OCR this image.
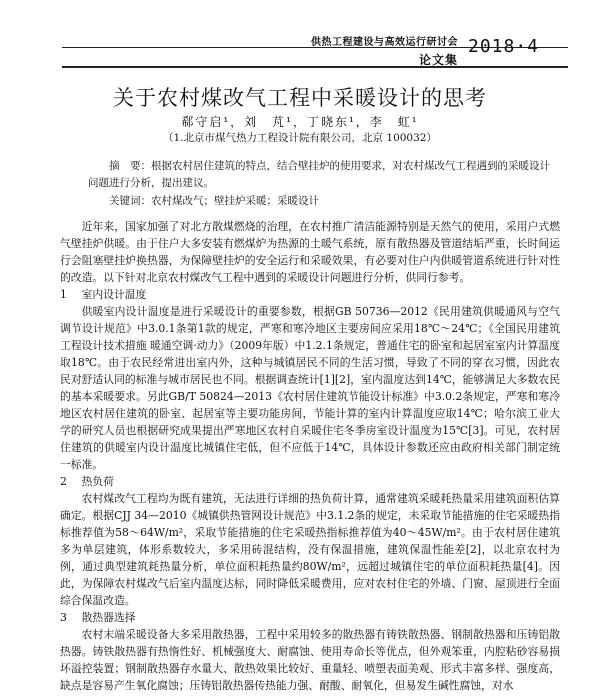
供热工程建设与高效运行研讨会
论文集
2018·4
关于农村煤改气工程中采暖设计的思考
郗守启¹，刘　芃¹，丁晓东¹，李　虹¹
（1.北京市煤气热力工程设计院有限公司，北京 100032）
摘　要：根据农村居住建筑的特点，结合壁挂炉的使用要求，对农村煤改气工程遇到的采暖设计问题进行分析，提出建议。
关键词：农村煤改气；壁挂炉采暖；采暖设计

近年来，国家加强了对北方散煤燃烧的治理，在农村推广清洁能源特别是天然气的使用，采用户式燃气壁挂炉供暖。由于住户大多安装有燃煤炉为热源的土暖气系统，原有散热器及管道结垢严重，长时间运行会阻塞壁挂炉换热器，为保障壁挂炉的安全运行和采暖效果，有必要对住户内供暖管道系统进行针对性的改造。以下针对北京农村煤改气工程中遇到的采暖设计问题进行分析，供同行参考。

1 室内设计温度

供暖室内设计温度是进行采暖设计的重要参数，根据GB 50736—2012《民用建筑供暖通风与空气调节设计规范》中3.0.1条第1款的规定，严寒和寒冷地区主要房间应采用18℃～24℃；《全国民用建筑工程设计技术措施 暖通空调·动力》（2009年版）中1.2.1条规定，普通住宅的卧室和起居室室内计算温度取18℃。由于农民经常进出室内外，这种与城镇居民不同的生活习惯，导致了不同的穿衣习惯，因此农民对舒适认同的标准与城市居民也不同。根据调查统计[1][2]，室内温度达到14℃，能够满足大多数农民的基本采暖要求。另此GB/T 50824—2013《农村居住建筑节能设计标准》中3.0.2条规定，严寒和寒冷地区农村居住建筑的卧室、起居室等主要功能房间，节能计算的室内计算温度应取14℃；哈尔滨工业大学的研究人员也根据研究成果提出严寒地区农村自采暖住宅冬季房室设计温度为15℃[3]。可见，农村居住建筑的供暖室内设计温度比城镇住宅低，但不应低于14℃，具体设计参数还应由政府相关部门制定统一标准。

2 热负荷

农村煤改气工程均为既有建筑，无法进行详细的热负荷计算，通常建筑采暖耗热量采用建筑面积估算确定。根据CJJ 34—2010《城镇供热管网设计规范》中3.1.2条的规定，未采取节能措施的住宅采暖热指标推荐值为58～64W/m²，采取节能措施的住宅采暖热指标推荐值为40～45W/m²。由于农村居住建筑多为单层建筑，体形系数较大，多采用砖混结构，没有保温措施，建筑保温性能差[2]，以北京农村为例，通过典型建筑耗热量分析，单位面积耗热量约80W/m²，远超过城镇住宅的单位面积耗热量[4]。因此，为保障农村煤改气后室内温度达标，同时降低采暖费用，应对农村住宅的外墙、门窗、屋顶进行全面综合保温改造。

3 散热器选择

农村末端采暖设备大多采用散热器，工程中采用较多的散热器有铸铁散热器、钢制散热器和压铸铝散热器。铸铁散热器有热惰性好、机械强度大、耐腐蚀、使用寿命长等优点，但外观笨重，内腔粘砂容易损坏溢控装置；钢制散热器存水量大、散热效果比较好、重量轻、喷塑表面美观、形式丰富多样、强度高，缺点是容易产生氧化腐蚀；压铸铝散热器传热能力强、耐酸、耐氧化，但易发生碱性腐蚀，对水
